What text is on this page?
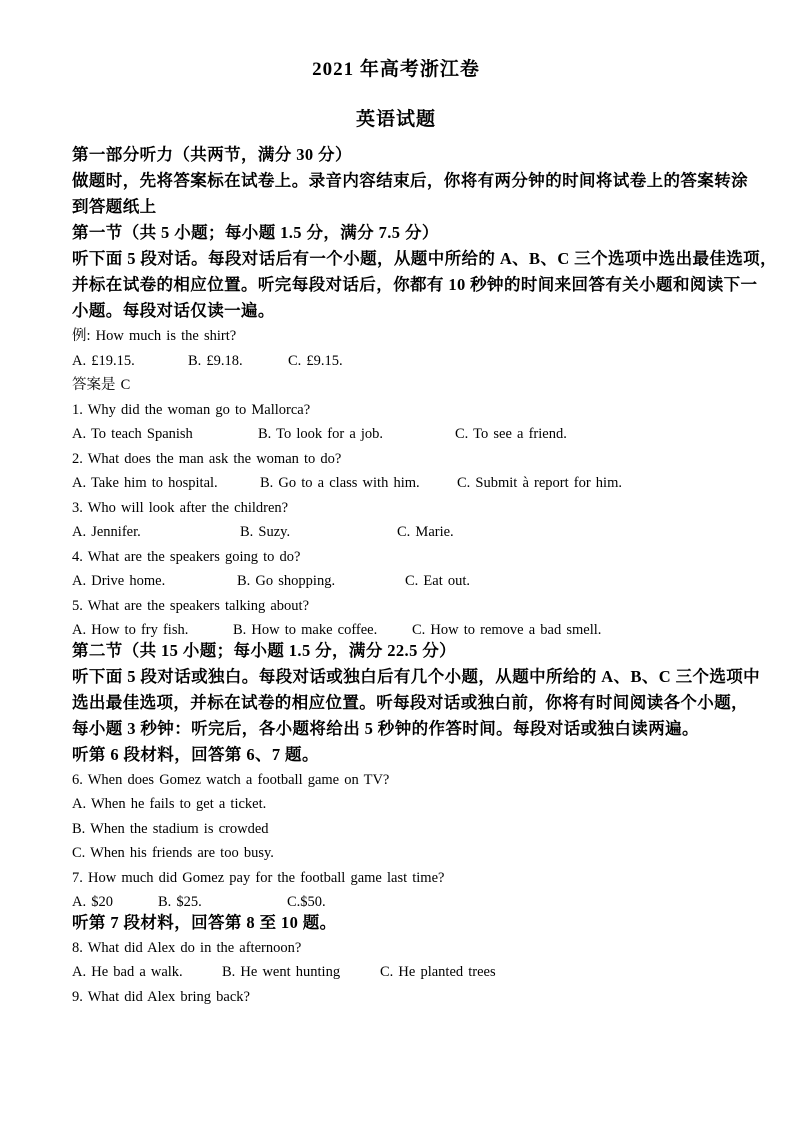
2021 年高考浙江卷
英语试题

第一部分听力（共两节，满分 30 分）

做题时，先将答案标在试卷上。录音内容结束后，你将有两分钟的时间将试卷上的答案转涂

到答题纸上

第一节（共 5 小题；每小题 1.5 分，满分 7.5 分）

听下面 5 段对话。每段对话后有一个小题，从题中所给的 A、B、C 三个选项中选出最佳选项，

并标在试卷的相应位置。听完每段对话后，你都有 10 秒钟的时间来回答有关小题和阅读下一

小题。每段对话仅读一遍。

例: How much is the shirt?

A. £19.15.	B. £9.18.	C. £9.15.

答案是 C

1. Why did the woman go to Mallorca?

A. To teach Spanish	B. To look for a job.	C. To see a friend.

2. What does the man ask the woman to do?

A. Take him to hospital.	B. Go to a class with him.	C. Submit à report for him.

3. Who will look after the children?

A. Jennifer.	B. Suzy.	C. Marie.

4. What are the speakers going to do?

A. Drive home.	B. Go shopping.	C. Eat out.

5. What are the speakers talking about?

A. How to fry fish.	B. How to make coffee.	C. How to remove a bad smell.

第二节（共 15 小题；每小题 1.5 分，满分 22.5 分）

听下面 5 段对话或独白。每段对话或独白后有几个小题，从题中所给的 A、B、C 三个选项中

选出最佳选项，并标在试卷的相应位置。听每段对话或独白前，你将有时间阅读各个小题，

每小题 3 秒钟：听完后，各小题将给出 5 秒钟的作答时间。每段对话或独白读两遍。

听第 6 段材料，回答第 6、7 题。

6. When does Gomez watch a football game on TV?

A. When he fails to get a ticket.

B. When the stadium is crowded

C. When his friends are too busy.

7. How much did Gomez pay for the football game last time?

A. $20	B. $25.	C.$50.

听第 7 段材料，回答第 8 至 10 题。

8. What did Alex do in the afternoon?

A. He bad a walk.	B. He went hunting	C. He planted trees

9. What did Alex bring back?
